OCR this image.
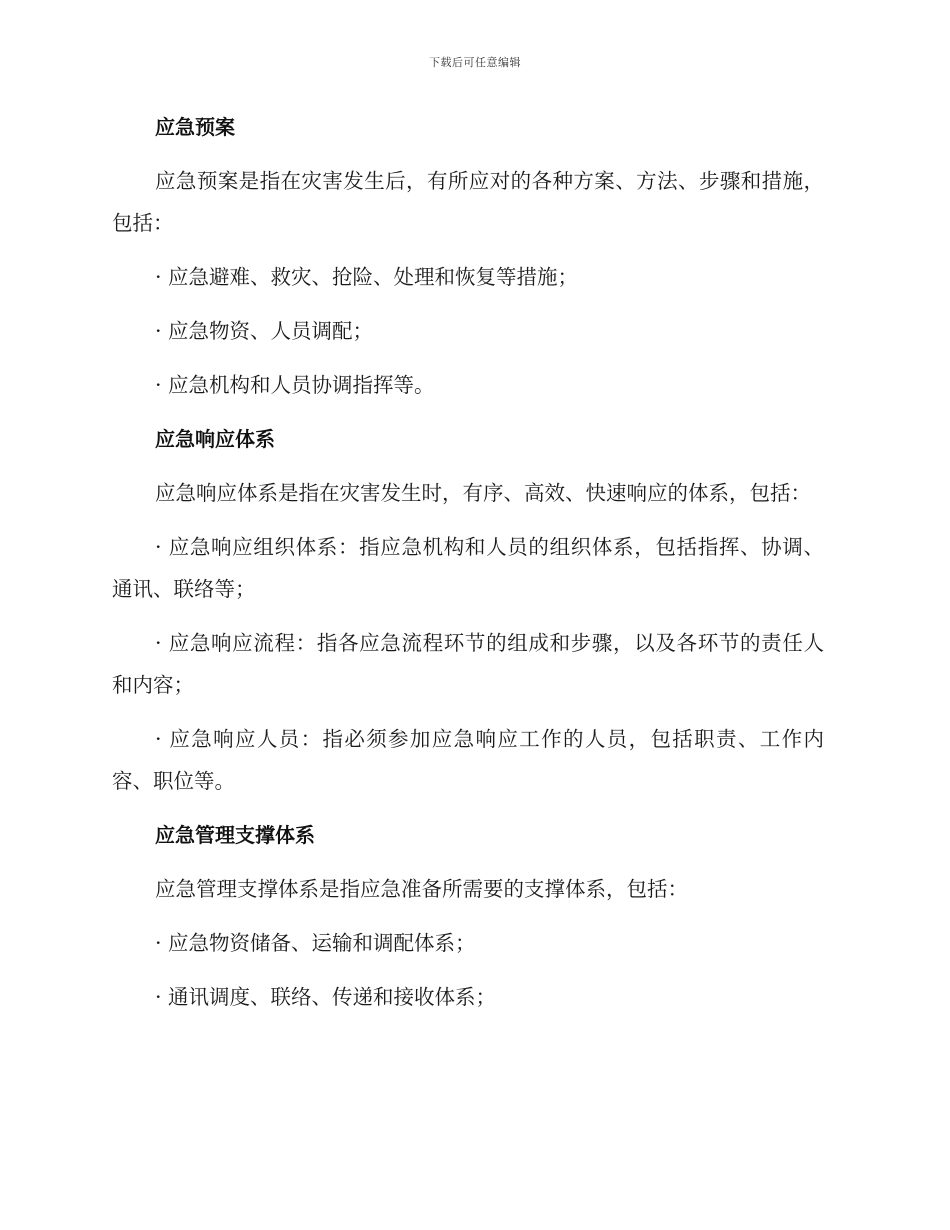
下载后可任意编辑
应急预案
应急预案是指在灾害发生后，有所应对的各种方案、方法、步骤和措施，包括：
· 应急避难、救灾、抢险、处理和恢复等措施；
· 应急物资、人员调配；
· 应急机构和人员协调指挥等。
应急响应体系
应急响应体系是指在灾害发生时，有序、高效、快速响应的体系，包括：
· 应急响应组织体系：指应急机构和人员的组织体系，包括指挥、协调、通讯、联络等；
· 应急响应流程：指各应急流程环节的组成和步骤，以及各环节的责任人和内容；
· 应急响应人员：指必须参加应急响应工作的人员，包括职责、工作内容、职位等。
应急管理支撑体系
应急管理支撑体系是指应急准备所需要的支撑体系，包括：
· 应急物资储备、运输和调配体系；
· 通讯调度、联络、传递和接收体系；
